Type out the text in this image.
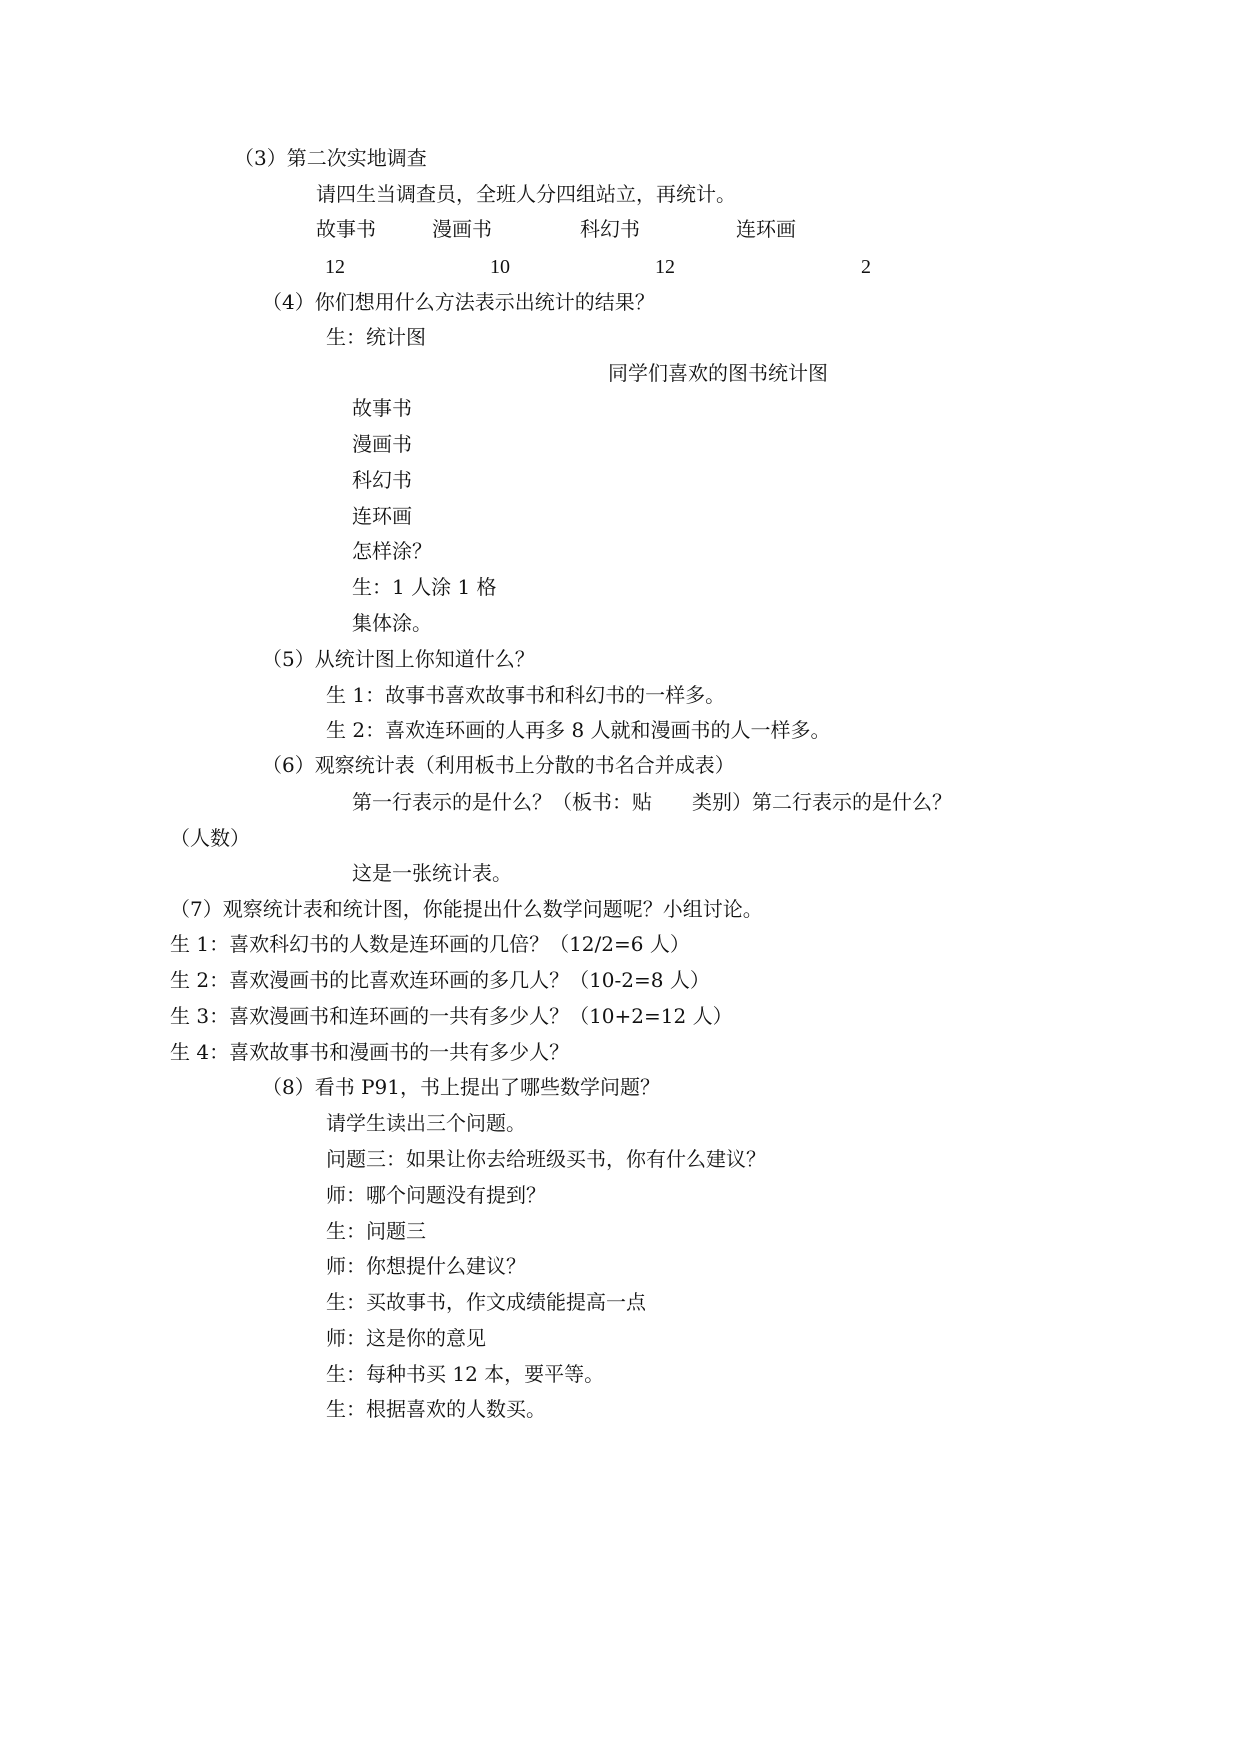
（3）第二次实地调查
请四生当调查员，全班人分四组站立，再统计。
故事书	漫画书	科幻书	连环画
12	10	12	2
（4）你们想用什么方法表示出统计的结果？
生：统计图
同学们喜欢的图书统计图
故事书
漫画书
科幻书
连环画
怎样涂？
生：1 人涂 1 格
集体涂。
（5）从统计图上你知道什么？
生 1：故事书喜欢故事书和科幻书的一样多。
生 2：喜欢连环画的人再多 8 人就和漫画书的人一样多。
（6）观察统计表（利用板书上分散的书名合并成表）
第一行表示的是什么？（板书：贴　　类别）第二行表示的是什么？
（人数）
这是一张统计表。
（7）观察统计表和统计图，你能提出什么数学问题呢？小组讨论。
生 1：喜欢科幻书的人数是连环画的几倍？（12/2=6 人）
生 2：喜欢漫画书的比喜欢连环画的多几人？（10-2=8 人）
生 3：喜欢漫画书和连环画的一共有多少人？（10+2=12 人）
生 4：喜欢故事书和漫画书的一共有多少人？
（8）看书 P91，书上提出了哪些数学问题？
请学生读出三个问题。
问题三：如果让你去给班级买书，你有什么建议？
师：哪个问题没有提到？
生：问题三
师：你想提什么建议？
生：买故事书，作文成绩能提高一点
师：这是你的意见
生：每种书买 12 本，要平等。
生：根据喜欢的人数买。
